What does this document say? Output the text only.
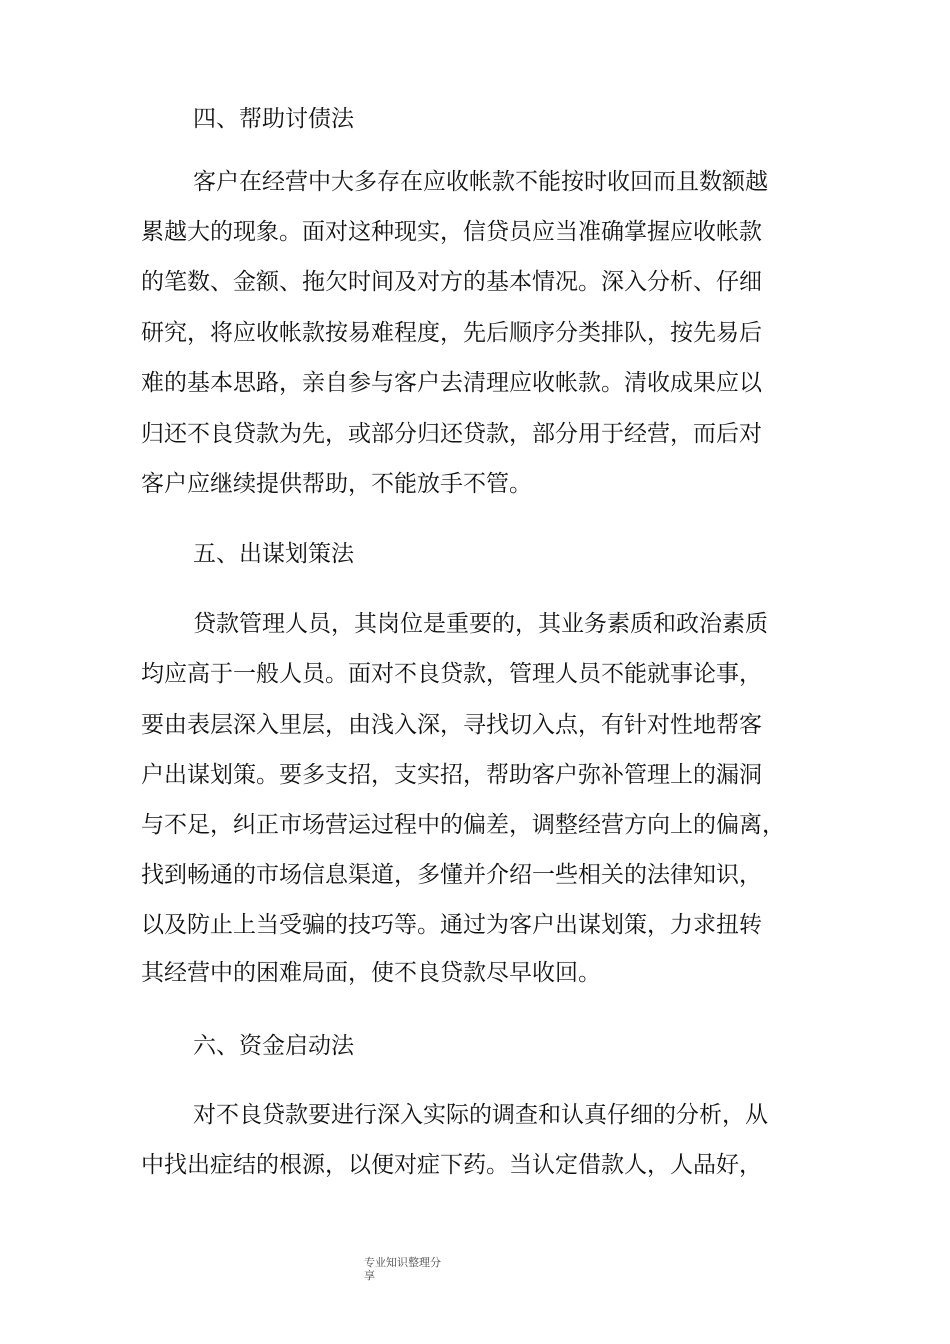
四、帮助讨债法
客户在经营中大多存在应收帐款不能按时收回而且数额越
累越大的现象。面对这种现实，信贷员应当准确掌握应收帐款
的笔数、金额、拖欠时间及对方的基本情况。深入分析、仔细
研究，将应收帐款按易难程度，先后顺序分类排队，按先易后
难的基本思路，亲自参与客户去清理应收帐款。清收成果应以
归还不良贷款为先，或部分归还贷款，部分用于经营，而后对
客户应继续提供帮助，不能放手不管。
五、出谋划策法
贷款管理人员，其岗位是重要的，其业务素质和政治素质
均应高于一般人员。面对不良贷款，管理人员不能就事论事，
要由表层深入里层，由浅入深，寻找切入点，有针对性地帮客
户出谋划策。要多支招，支实招，帮助客户弥补管理上的漏洞
与不足，纠正市场营运过程中的偏差，调整经营方向上的偏离，
找到畅通的市场信息渠道，多懂并介绍一些相关的法律知识，
以及防止上当受骗的技巧等。通过为客户出谋划策，力求扭转
其经营中的困难局面，使不良贷款尽早收回。
六、资金启动法
对不良贷款要进行深入实际的调查和认真仔细的分析，从
中找出症结的根源，以便对症下药。当认定借款人，人品好，
专业知识整理分
享
